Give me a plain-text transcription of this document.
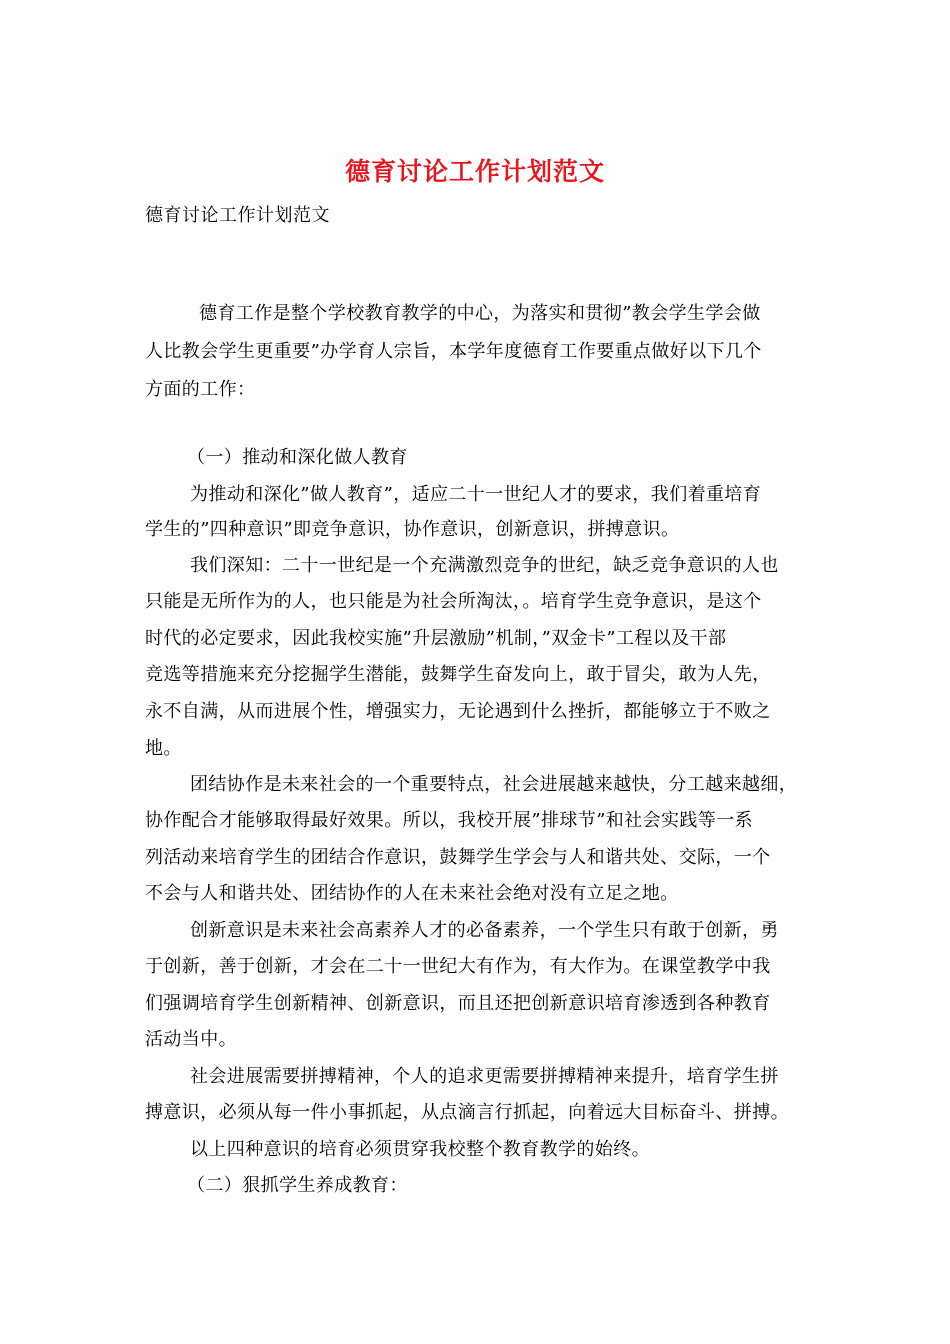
德育讨论工作计划范文
德育讨论工作计划范文
德育工作是整个学校教育教学的中心，为落实和贯彻”教会学生学会做
人比教会学生更重要”办学育人宗旨，本学年度德育工作要重点做好以下几个
方面的工作：
（一）推动和深化做人教育
为推动和深化”做人教育”，适应二十一世纪人才的要求，我们着重培育
学生的”四种意识”即竞争意识，协作意识，创新意识，拼搏意识。
我们深知：二十一世纪是一个充满激烈竞争的世纪，缺乏竞争意识的人也
只能是无所作为的人，也只能是为社会所淘汰，。培育学生竞争意识，是这个
时代的必定要求，因此我校实施”升层激励”机制，”双金卡”工程以及干部
竞选等措施来充分挖掘学生潜能，鼓舞学生奋发向上，敢于冒尖，敢为人先，
永不自满，从而进展个性，增强实力，无论遇到什么挫折，都能够立于不败之
地。
团结协作是未来社会的一个重要特点，社会进展越来越快，分工越来越细，
协作配合才能够取得最好效果。所以，我校开展”排球节”和社会实践等一系
列活动来培育学生的团结合作意识，鼓舞学生学会与人和谐共处、交际，一个
不会与人和谐共处、团结协作的人在未来社会绝对没有立足之地。
创新意识是未来社会高素养人才的必备素养，一个学生只有敢于创新，勇
于创新，善于创新，才会在二十一世纪大有作为，有大作为。在课堂教学中我
们强调培育学生创新精神、创新意识，而且还把创新意识培育渗透到各种教育
活动当中。
社会进展需要拼搏精神，个人的追求更需要拼搏精神来提升，培育学生拼
搏意识，必须从每一件小事抓起，从点滴言行抓起，向着远大目标奋斗、拼搏。
以上四种意识的培育必须贯穿我校整个教育教学的始终。
（二）狠抓学生养成教育：
